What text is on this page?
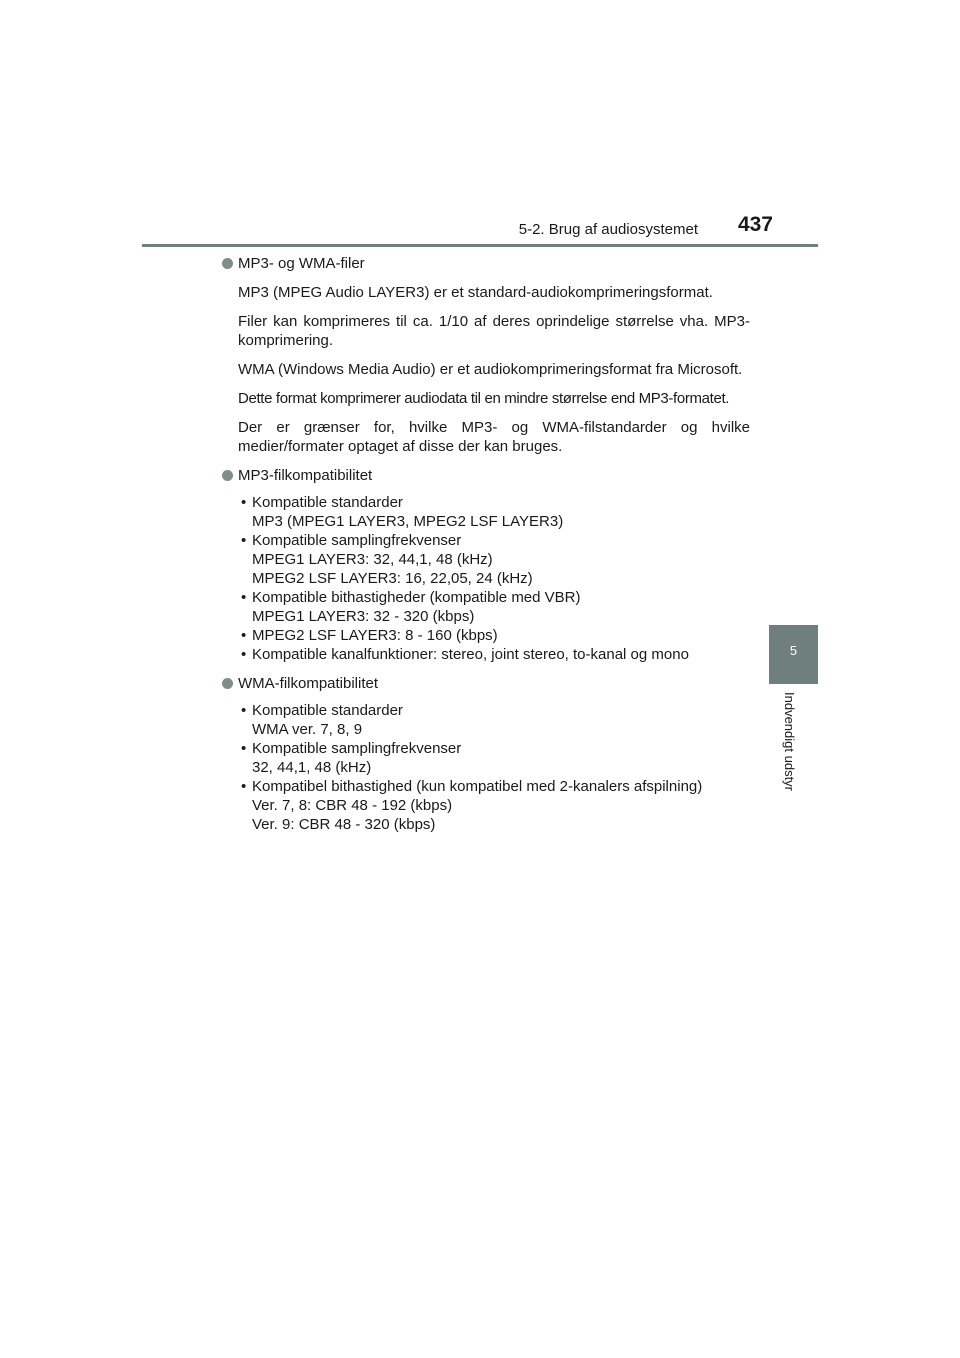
5-2. Brug af audiosystemet 437
5
Indvendigt udstyr
MP3- og WMA-filer
MP3 (MPEG Audio LAYER3) er et standard-audiokomprimeringsformat.
Filer kan komprimeres til ca. 1/10 af deres oprindelige størrelse vha. MP3-komprimering.
WMA (Windows Media Audio) er et audiokomprimeringsformat fra Microsoft.
Dette format komprimerer audiodata til en mindre størrelse end MP3-formatet.
Der er grænser for, hvilke MP3- og WMA-filstandarder og hvilke medier/formater optaget af disse der kan bruges.
MP3-filkompatibilitet
• Kompatible standarder
MP3 (MPEG1 LAYER3, MPEG2 LSF LAYER3)
• Kompatible samplingfrekvenser
MPEG1 LAYER3: 32, 44,1, 48 (kHz)
MPEG2 LSF LAYER3: 16, 22,05, 24 (kHz)
• Kompatible bithastigheder (kompatible med VBR)
MPEG1 LAYER3: 32 - 320 (kbps)
• MPEG2 LSF LAYER3: 8 - 160 (kbps)
• Kompatible kanalfunktioner: stereo, joint stereo, to-kanal og mono
WMA-filkompatibilitet
• Kompatible standarder
WMA ver. 7, 8, 9
• Kompatible samplingfrekvenser
32, 44,1, 48 (kHz)
• Kompatibel bithastighed (kun kompatibel med 2-kanalers afspilning)
Ver. 7, 8: CBR 48 - 192 (kbps)
Ver. 9: CBR 48 - 320 (kbps)
